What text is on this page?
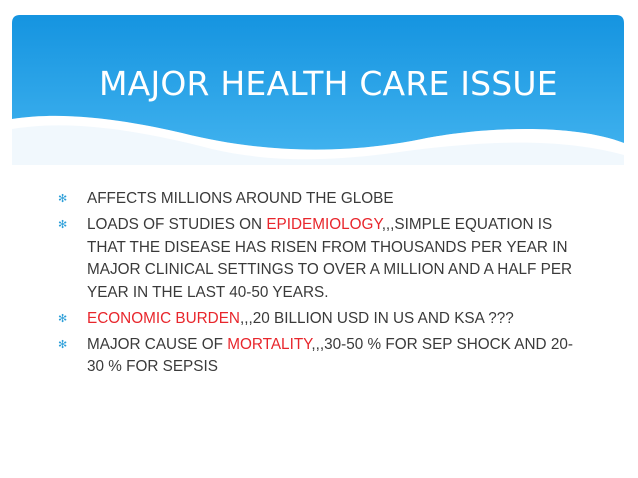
MAJOR HEALTH CARE ISSUE
✻ AFFECTS MILLIONS AROUND THE GLOBE
✻ LOADS OF STUDIES ON EPIDEMIOLOGY,,,SIMPLE EQUATION IS THAT THE DISEASE HAS RISEN FROM THOUSANDS PER YEAR IN MAJOR CLINICAL SETTINGS TO OVER A MILLION AND A HALF PER YEAR IN THE LAST 40-50 YEARS.
✻ ECONOMIC BURDEN,,,20 BILLION USD IN US AND KSA ???
✻ MAJOR CAUSE OF MORTALITY,,,30-50 % FOR SEP SHOCK AND 20-30 % FOR SEPSIS
